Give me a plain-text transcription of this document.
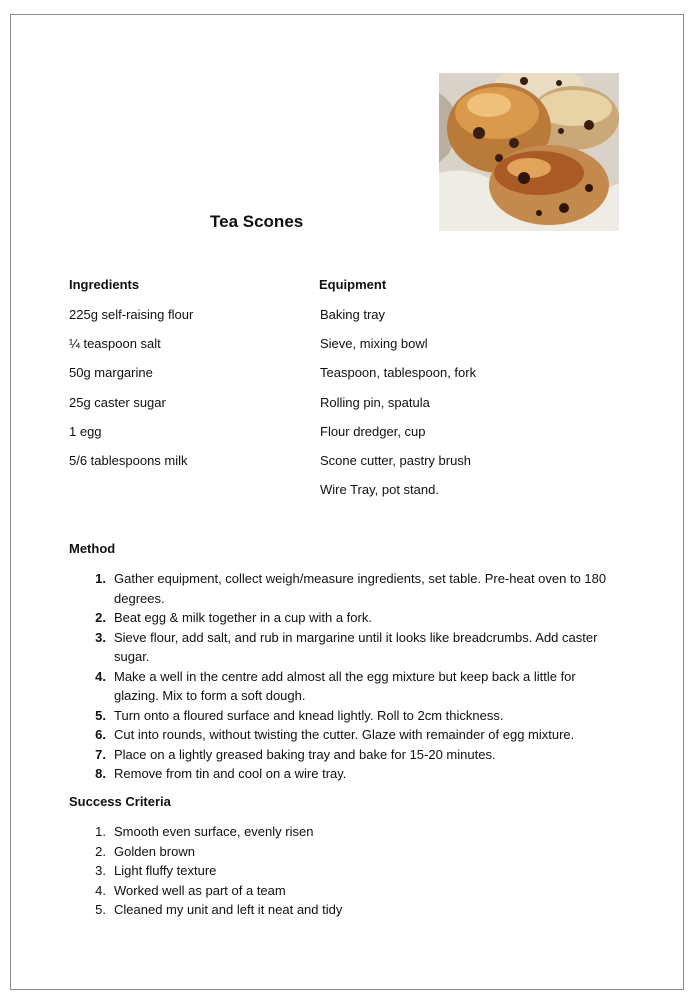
Tea Scones
Ingredients	Equipment
225g self-raising flour
¼ teaspoon salt
50g margarine
25g caster sugar
1 egg
5/6 tablespoons milk
Baking tray
Sieve, mixing bowl
Teaspoon, tablespoon, fork
Rolling pin, spatula
Flour dredger, cup
Scone cutter, pastry brush
Wire Tray, pot stand.
Method
1. Gather equipment, collect weigh/measure ingredients, set table. Pre-heat oven to 180 degrees.
2. Beat egg & milk together in a cup with a fork.
3. Sieve flour, add salt, and rub in margarine until it looks like breadcrumbs. Add caster sugar.
4. Make a well in the centre add almost all the egg mixture but keep back a little for glazing. Mix to form a soft dough.
5. Turn onto a floured surface and knead lightly. Roll to 2cm thickness.
6. Cut into rounds, without twisting the cutter. Glaze with remainder of egg mixture.
7. Place on a lightly greased baking tray and bake for 15-20 minutes.
8. Remove from tin and cool on a wire tray.
Success Criteria
1. Smooth even surface, evenly risen
2. Golden brown
3. Light fluffy texture
4. Worked well as part of a team
5. Cleaned my unit and left it neat and tidy
